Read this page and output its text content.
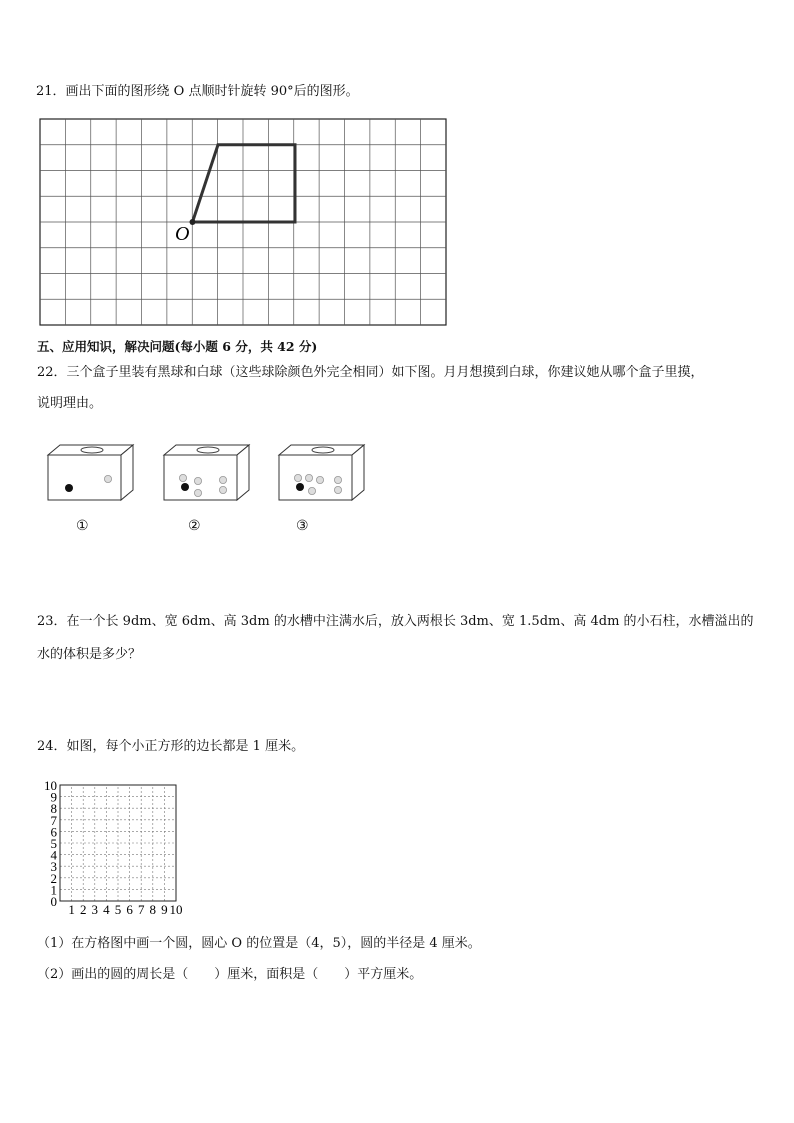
21．画出下面的图形绕 O 点顺时针旋转 90°后的图形。
O
五、应用知识，解决问题(每小题 6 分，共 42 分)
22．三个盒子里装有黑球和白球（这些球除颜色外完全相同）如下图。月月想摸到白球，你建议她从哪个盒子里摸，
说明理由。
①	②	③
23．在一个长 9dm、宽 6dm、高 3dm 的水槽中注满水后，放入两根长 3dm、宽 1.5dm、高 4dm 的小石柱，水槽溢出的
水的体积是多少？
24．如图，每个小正方形的边长都是 1 厘米。
0
1
2
3
4
5
6
7
8
9
10
1 2 3 4 5 6 7 8 9 10
（1）在方格图中画一个圆，圆心 O 的位置是（4，5），圆的半径是 4 厘米。
（2）画出的圆的周长是（　　）厘米，面积是（　　）平方厘米。
